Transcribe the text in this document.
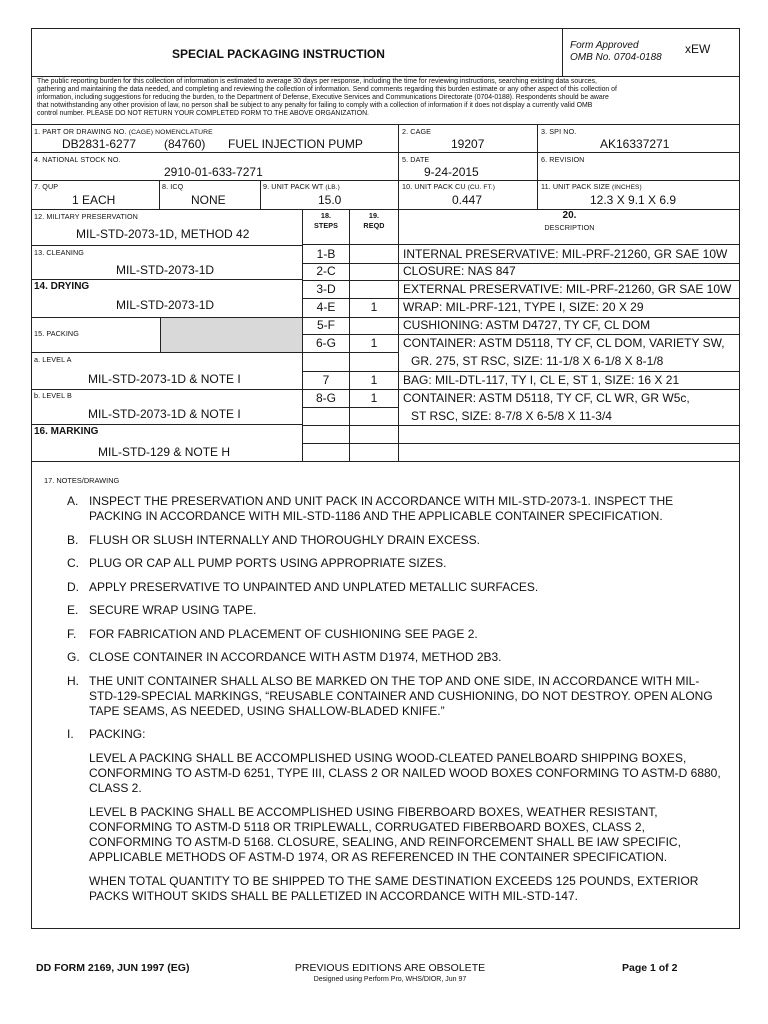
SPECIAL PACKAGING INSTRUCTION
Form Approved
OMB No. 0704-0188
xEW
The public reporting burden for this collection of information is estimated to average 30 days per response, including the time for reviewing instructions, searching existing data sources,
gathering and maintaining the data needed, and completing and reviewing the collection of information. Send comments regarding this burden estimate or any other aspect of this collection of
information, including suggestions for reducing the burden, to the Department of Defense, Executive Services and Communications Directorate (0704-0188). Respondents should be aware
that notwithstanding any other provision of law, no person shall be subject to any penalty for failing to comply with a collection of information if it does not display a currently valid OMB
control number. PLEASE DO NOT RETURN YOUR COMPLETED FORM TO THE ABOVE ORGANIZATION.
1. PART OR DRAWING NO. (CAGE) NOMENCLATURE
DB2831-6277 (84760) FUEL INJECTION PUMP
2. CAGE
19207
3. SPI NO.
AK16337271
4. NATIONAL STOCK NO.
2910-01-633-7271
5. DATE
9-24-2015
6. REVISION
7. QUP
1 EACH
8. ICQ
NONE
9. UNIT PACK WT (LB.)
15.0
10. UNIT PACK CU (CU. FT.)
0.447
11. UNIT PACK SIZE (INCHES)
12.3 X 9.1 X 6.9
12. MILITARY PRESERVATION
MIL-STD-2073-1D, METHOD 42
13. CLEANING
MIL-STD-2073-1D
14. DRYING
MIL-STD-2073-1D
15. PACKING
a. LEVEL A
MIL-STD-2073-1D & NOTE I
b. LEVEL B
MIL-STD-2073-1D & NOTE I
16. MARKING
MIL-STD-129 & NOTE H
18.
STEPS
19.
REQD
20.
DESCRIPTION
1-B	INTERNAL PRESERVATIVE: MIL-PRF-21260, GR SAE 10W
2-C	CLOSURE: NAS 847
3-D	EXTERNAL PRESERVATIVE: MIL-PRF-21260, GR SAE 10W
4-E	1	WRAP: MIL-PRF-121, TYPE I, SIZE: 20 X 29
5-F	CUSHIONING: ASTM D4727, TY CF, CL DOM
6-G	1	CONTAINER: ASTM D5118, TY CF, CL DOM, VARIETY SW,
GR. 275, ST RSC, SIZE: 11-1/8 X 6-1/8 X 8-1/8
7	1	BAG: MIL-DTL-117, TY I, CL E, ST 1, SIZE: 16 X 21
8-G	1	CONTAINER: ASTM D5118, TY CF, CL WR, GR W5c,
ST RSC, SIZE: 8-7/8 X 6-5/8 X 11-3/4
17. NOTES/DRAWING
A. INSPECT THE PRESERVATION AND UNIT PACK IN ACCORDANCE WITH MIL-STD-2073-1. INSPECT THE PACKING IN ACCORDANCE WITH MIL-STD-1186 AND THE APPLICABLE CONTAINER SPECIFICATION.
B. FLUSH OR SLUSH INTERNALLY AND THOROUGHLY DRAIN EXCESS.
C. PLUG OR CAP ALL PUMP PORTS USING APPROPRIATE SIZES.
D. APPLY PRESERVATIVE TO UNPAINTED AND UNPLATED METALLIC SURFACES.
E. SECURE WRAP USING TAPE.
F.	FOR FABRICATION AND PLACEMENT OF CUSHIONING SEE PAGE 2.
G. CLOSE CONTAINER IN ACCORDANCE WITH ASTM D1974, METHOD 2B3.
H. THE UNIT CONTAINER SHALL ALSO BE MARKED ON THE TOP AND ONE SIDE, IN ACCORDANCE WITH MIL-STD-129-SPECIAL MARKINGS, “REUSABLE CONTAINER AND CUSHIONING, DO NOT DESTROY. OPEN ALONG TAPE SEAMS, AS NEEDED, USING SHALLOW-BLADED KNIFE.”
I.	PACKING:
LEVEL A PACKING SHALL BE ACCOMPLISHED USING WOOD-CLEATED PANELBOARD SHIPPING BOXES, CONFORMING TO ASTM-D 6251, TYPE III, CLASS 2 OR NAILED WOOD BOXES CONFORMING TO ASTM-D 6880, CLASS 2.
LEVEL B PACKING SHALL BE ACCOMPLISHED USING FIBERBOARD BOXES, WEATHER RESISTANT, CONFORMING TO ASTM-D 5118 OR TRIPLEWALL, CORRUGATED FIBERBOARD BOXES, CLASS 2, CONFORMING TO ASTM-D 5168. CLOSURE, SEALING, AND REINFORCEMENT SHALL BE IAW SPECIFIC, APPLICABLE METHODS OF ASTM-D 1974, OR AS REFERENCED IN THE CONTAINER SPECIFICATION.
WHEN TOTAL QUANTITY TO BE SHIPPED TO THE SAME DESTINATION EXCEEDS 125 POUNDS, EXTERIOR PACKS WITHOUT SKIDS SHALL BE PALLETIZED IN ACCORDANCE WITH MIL-STD-147.
DD FORM 2169, JUN 1997 (EG)	PREVIOUS EDITIONS ARE OBSOLETE
Designed using Perform Pro, WHS/DIOR, Jun 97
Page 1 of 2
